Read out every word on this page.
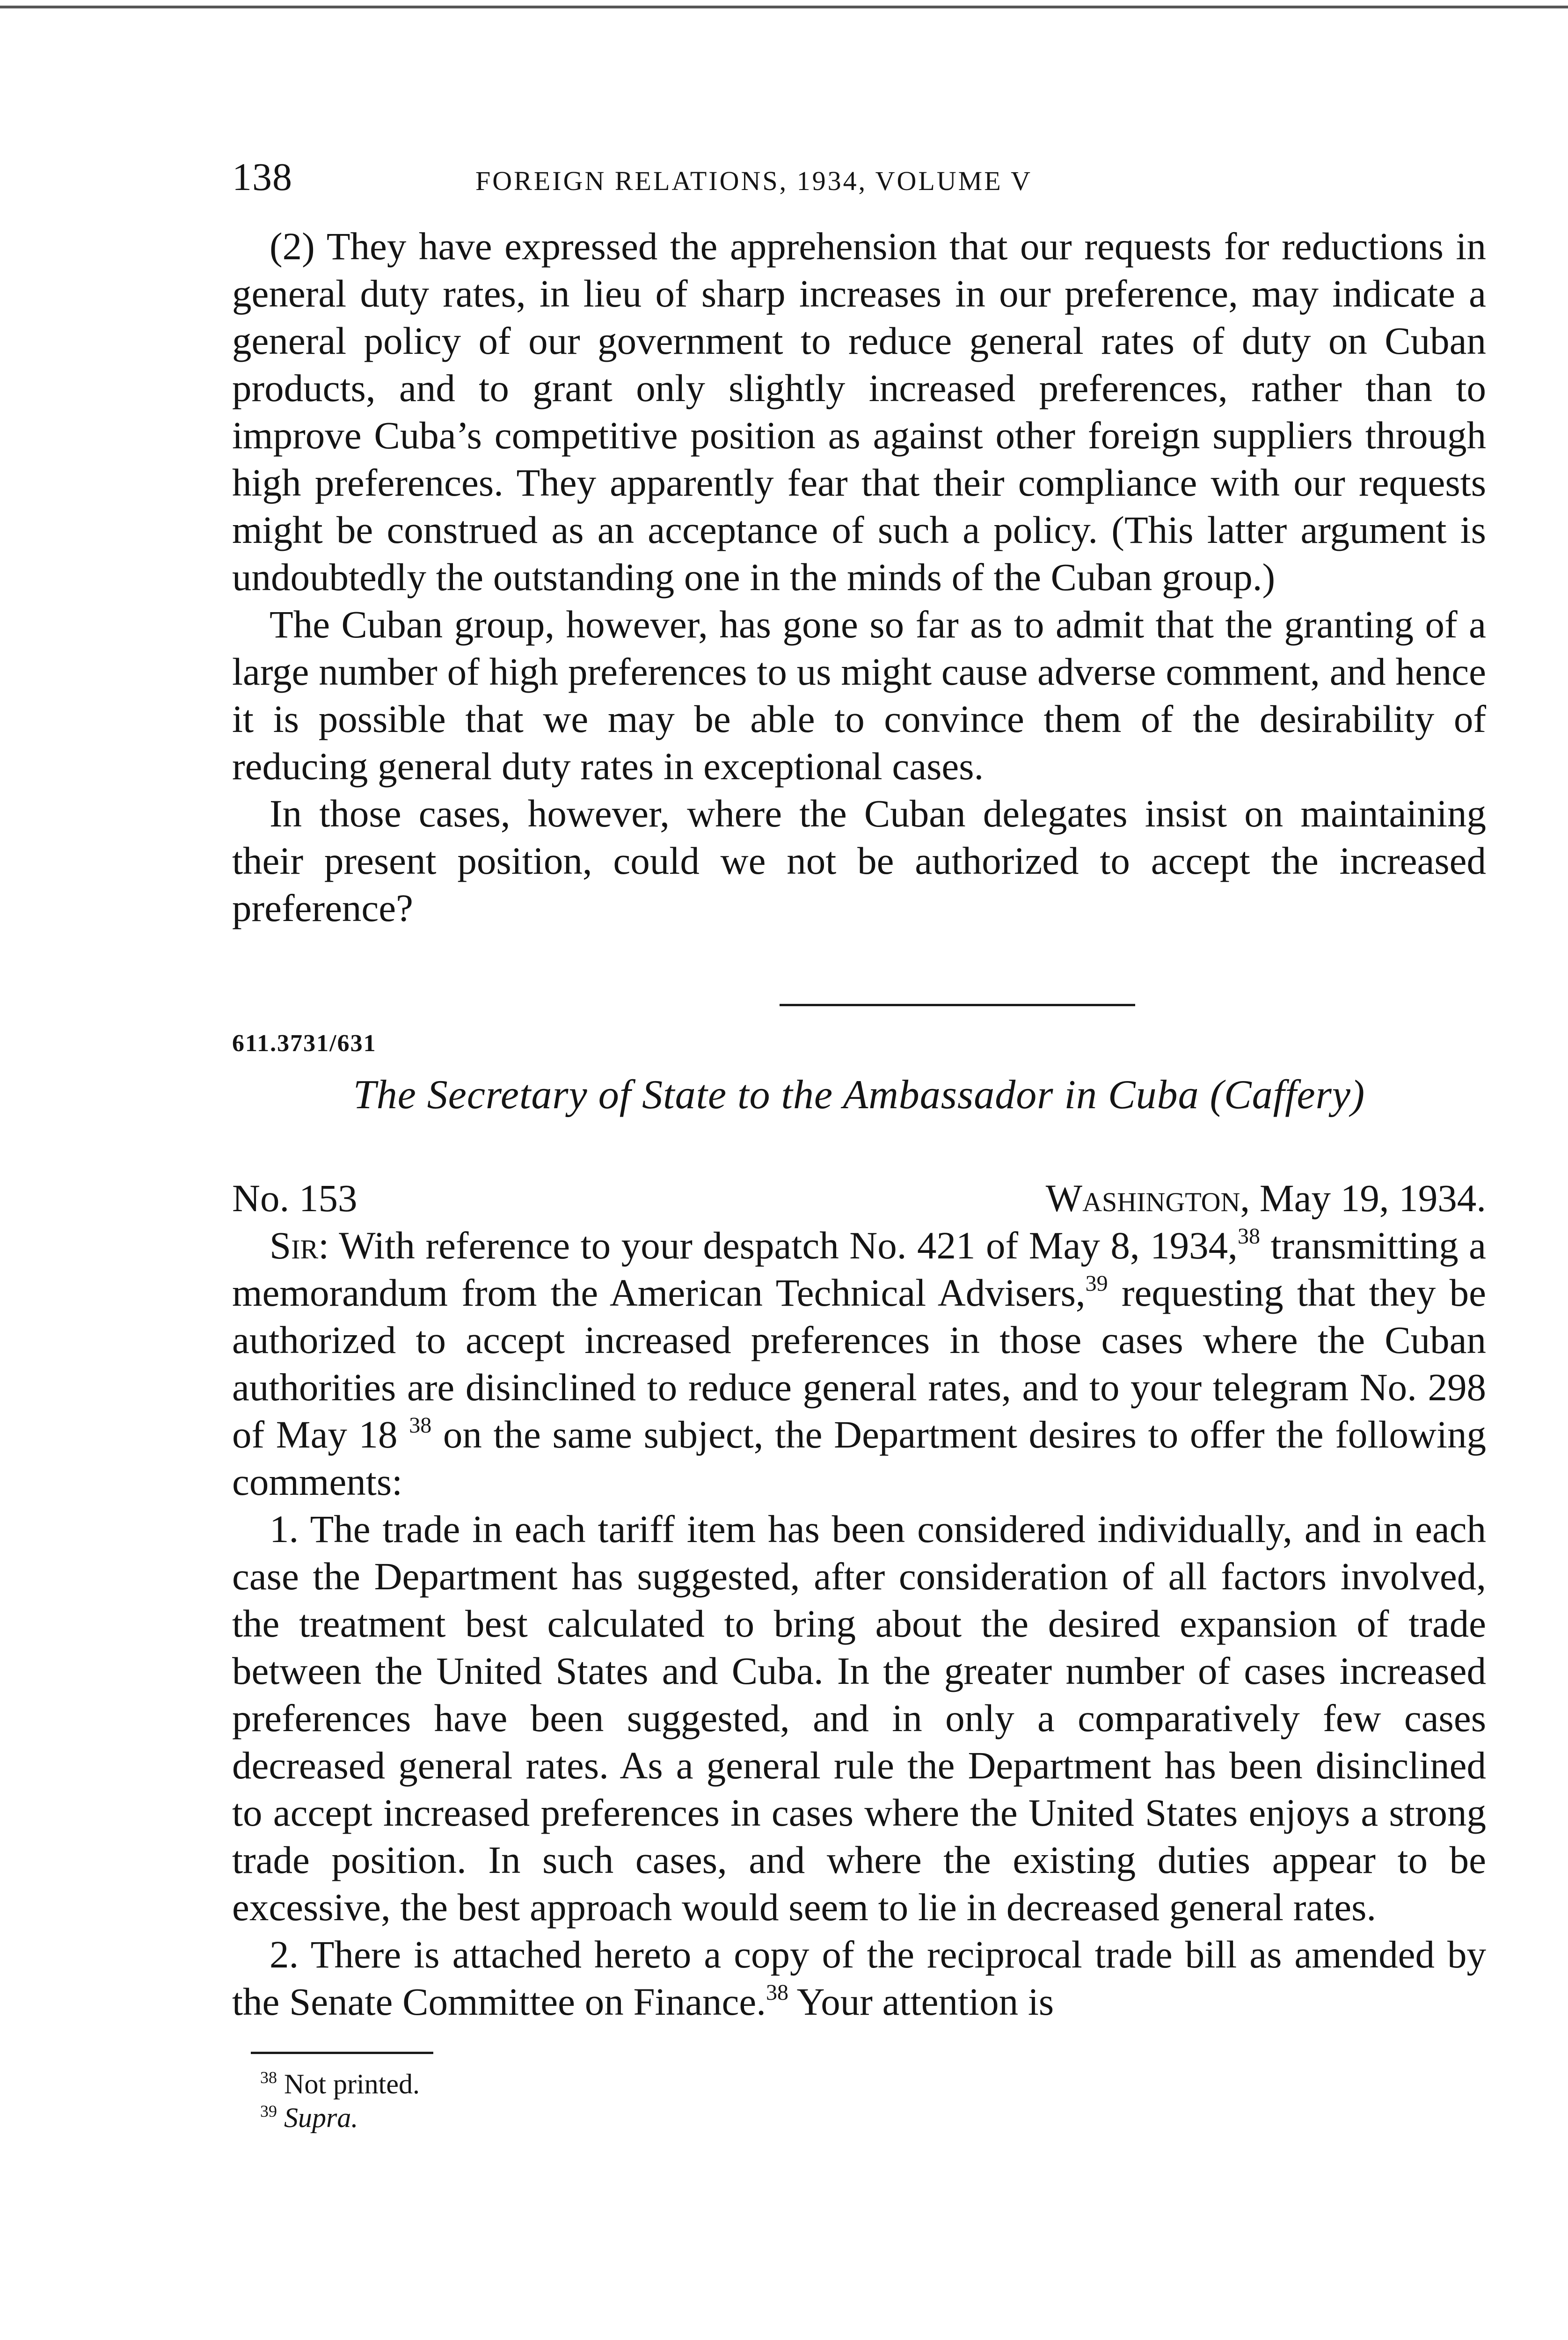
138	FOREIGN RELATIONS, 1934, VOLUME V

(2) They have expressed the apprehension that our requests for reductions in general duty rates, in lieu of sharp increases in our preference, may indicate a general policy of our government to reduce general rates of duty on Cuban products, and to grant only slightly increased preferences, rather than to improve Cuba’s competitive position as against other foreign suppliers through high preferences. They apparently fear that their compliance with our requests might be construed as an acceptance of such a policy. (This latter argument is undoubtedly the outstanding one in the minds of the Cuban group.)

The Cuban group, however, has gone so far as to admit that the granting of a large number of high preferences to us might cause adverse comment, and hence it is possible that we may be able to convince them of the desirability of reducing general duty rates in exceptional cases.

In those cases, however, where the Cuban delegates insist on maintaining their present position, could we not be authorized to accept the increased preference?

611.3731/631
The Secretary of State to the Ambassador in Cuba (Caffery)
No. 153	Washington, May 19, 1934.

Sir: With reference to your despatch No. 421 of May 8, 1934,38 transmitting a memorandum from the American Technical Advisers,$^{39}$ requesting that they be authorized to accept increased preferences in those cases where the Cuban authorities are disinclined to reduce general rates, and to your telegram No. 298 of May 18 $^{38}$ on the same subject, the Department desires to offer the following comments:

1. The trade in each tariff item has been considered individually, and in each case the Department has suggested, after consideration of all factors involved, the treatment best calculated to bring about the desired expansion of trade between the United States and Cuba. In the greater number of cases increased preferences have been suggested, and in only a comparatively few cases decreased general rates. As a general rule the Department has been disinclined to accept increased preferences in cases where the United States enjoys a strong trade position. In such cases, and where the existing duties appear to be excessive, the best approach would seem to lie in decreased general rates.

2. There is attached hereto a copy of the reciprocal trade bill as amended by the Senate Committee on Finance.$^{38}$ Your attention is

$^{38}$ Not printed.
$^{39}$ Supra.
